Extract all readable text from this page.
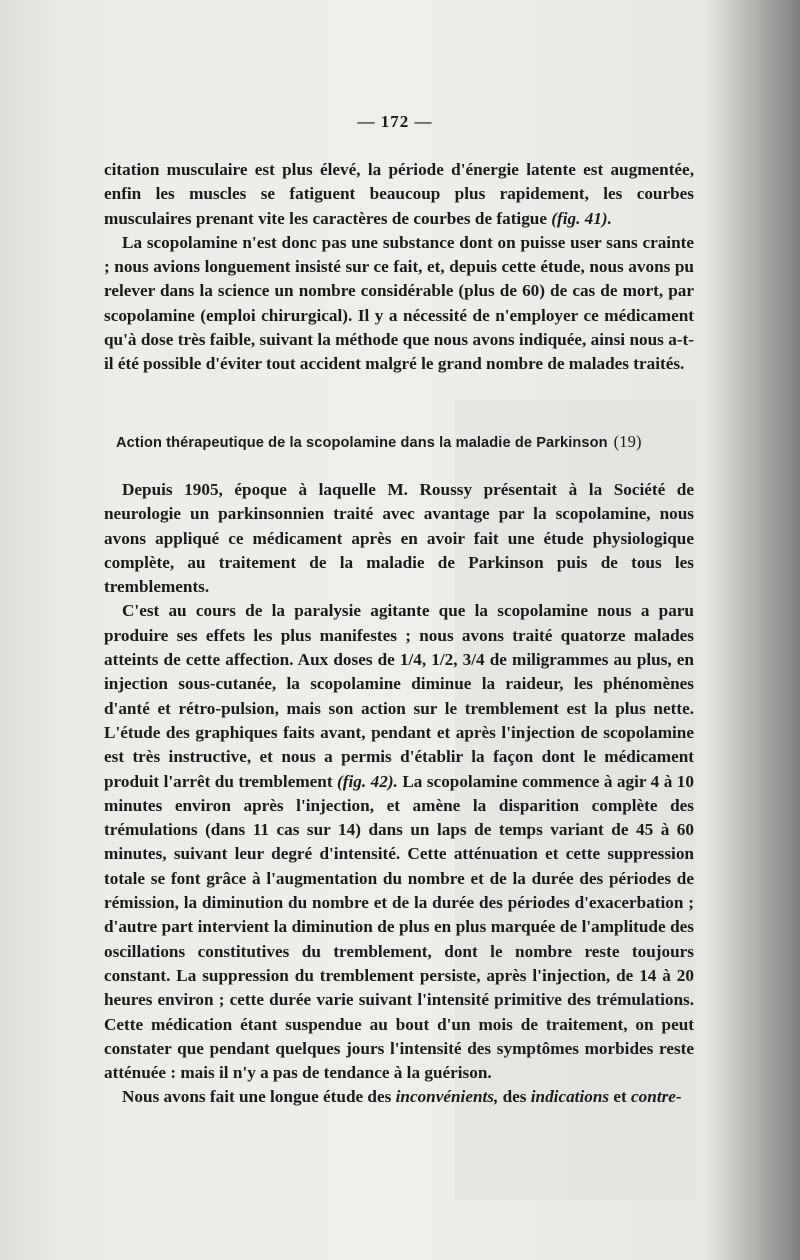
— 172 —

citation musculaire est plus élevé, la période d'énergie latente est augmentée, enfin les muscles se fatiguent beaucoup plus rapidement, les courbes musculaires prenant vite les caractères de courbes de fatigue (fig. 41).

La scopolamine n'est donc pas une substance dont on puisse user sans crainte ; nous avions longuement insisté sur ce fait, et, depuis cette étude, nous avons pu relever dans la science un nombre considérable (plus de 60) de cas de mort, par scopolamine (emploi chirurgical). Il y a nécessité de n'employer ce médicament qu'à dose très faible, suivant la méthode que nous avons indiquée, ainsi nous a-t-il été possible d'éviter tout accident malgré le grand nombre de malades traités.

Action thérapeutique de la scopolamine dans la maladie de Parkinson (19)

Depuis 1905, époque à laquelle M. Roussy présentait à la Société de neurologie un parkinsonnien traité avec avantage par la scopolamine, nous avons appliqué ce médicament après en avoir fait une étude physiologique complète, au traitement de la maladie de Parkinson puis de tous les tremblements.

C'est au cours de la paralysie agitante que la scopolamine nous a paru produire ses effets les plus manifestes ; nous avons traité quatorze malades atteints de cette affection. Aux doses de 1/4, 1/2, 3/4 de miligrammes au plus, en injection sous-cutanée, la scopolamine diminue la raideur, les phénomènes d'anté et rétro-pulsion, mais son action sur le tremblement est la plus nette. L'étude des graphiques faits avant, pendant et après l'injection de scopolamine est très instructive, et nous a permis d'établir la façon dont le médicament produit l'arrêt du tremblement (fig. 42). La scopolamine commence à agir 4 à 10 minutes environ après l'injection, et amène la disparition complète des trémulations (dans 11 cas sur 14) dans un laps de temps variant de 45 à 60 minutes, suivant leur degré d'intensité. Cette atténuation et cette suppression totale se font grâce à l'augmentation du nombre et de la durée des périodes de rémission, la diminution du nombre et de la durée des périodes d'exacerbation ; d'autre part intervient la diminution de plus en plus marquée de l'amplitude des oscillations constitutives du tremblement, dont le nombre reste toujours constant. La suppression du tremblement persiste, après l'injection, de 14 à 20 heures environ ; cette durée varie suivant l'intensité primitive des trémulations. Cette médication étant suspendue au bout d'un mois de traitement, on peut constater que pendant quelques jours l'intensité des symptômes morbides reste atténuée : mais il n'y a pas de tendance à la guérison.

Nous avons fait une longue étude des inconvénients, des indications et contre-
